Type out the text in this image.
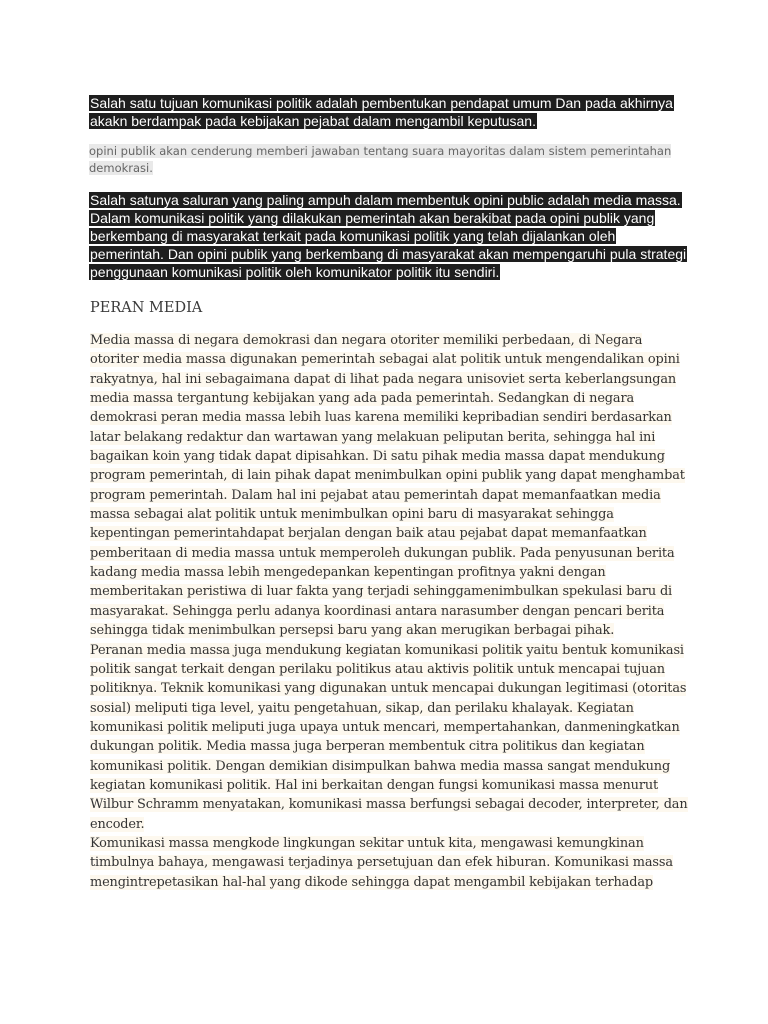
Salah satu tujuan komunikasi politik adalah pembentukan pendapat umum Dan pada akhirnya akakn berdampak pada kebijakan pejabat dalam mengambil keputusan.

opini publik akan cenderung memberi jawaban tentang suara mayoritas dalam sistem pemerintahan demokrasi.

Salah satunya saluran yang paling ampuh dalam membentuk opini public adalah media massa. Dalam komunikasi politik yang dilakukan pemerintah akan berakibat pada opini publik yang berkembang di masyarakat terkait pada komunikasi politik yang telah dijalankan oleh pemerintah. Dan opini publik yang berkembang di masyarakat akan mempengaruhi pula strategi penggunaan komunikasi politik oleh komunikator politik itu sendiri.

PERAN MEDIA

Media massa di negara demokrasi dan negara otoriter memiliki perbedaan, di Negara otoriter media massa digunakan pemerintah sebagai alat politik untuk mengendalikan opini rakyatnya, hal ini sebagaimana dapat di lihat pada negara unisoviet serta keberlangsungan media massa tergantung kebijakan yang ada pada pemerintah. Sedangkan di negara demokrasi peran media massa lebih luas karena memiliki kepribadian sendiri berdasarkan latar belakang redaktur dan wartawan yang melakuan peliputan berita, sehingga hal ini bagaikan koin yang tidak dapat dipisahkan. Di satu pihak media massa dapat mendukung program pemerintah, di lain pihak dapat menimbulkan opini publik yang dapat menghambat program pemerintah. Dalam hal ini pejabat atau pemerintah dapat memanfaatkan media massa sebagai alat politik untuk menimbulkan opini baru di masyarakat sehingga kepentingan pemerintahdapat berjalan dengan baik atau pejabat dapat memanfaatkan pemberitaan di media massa untuk memperoleh dukungan publik. Pada penyusunan berita kadang media massa lebih mengedepankan kepentingan profitnya yakni dengan memberitakan peristiwa di luar fakta yang terjadi sehinggamenimbulkan spekulasi baru di masyarakat. Sehingga perlu adanya koordinasi antara narasumber dengan pencari berita sehingga tidak menimbulkan persepsi baru yang akan merugikan berbagai pihak.
Peranan media massa juga mendukung kegiatan komunikasi politik yaitu bentuk komunikasi politik sangat terkait dengan perilaku politikus atau aktivis politik untuk mencapai tujuan politiknya. Teknik komunikasi yang digunakan untuk mencapai dukungan legitimasi (otoritas sosial) meliputi tiga level, yaitu pengetahuan, sikap, dan perilaku khalayak. Kegiatan komunikasi politik meliputi juga upaya untuk mencari, mempertahankan, danmeningkatkan dukungan politik. Media massa juga berperan membentuk citra politikus dan kegiatan komunikasi politik. Dengan demikian disimpulkan bahwa media massa sangat mendukung kegiatan komunikasi politik. Hal ini berkaitan dengan fungsi komunikasi massa menurut Wilbur Schramm menyatakan, komunikasi massa berfungsi sebagai decoder, interpreter, dan encoder.
Komunikasi massa mengkode lingkungan sekitar untuk kita, mengawasi kemungkinan timbulnya bahaya, mengawasi terjadinya persetujuan dan efek hiburan. Komunikasi massa mengintrepetasikan hal-hal yang dikode sehingga dapat mengambil kebijakan terhadap
